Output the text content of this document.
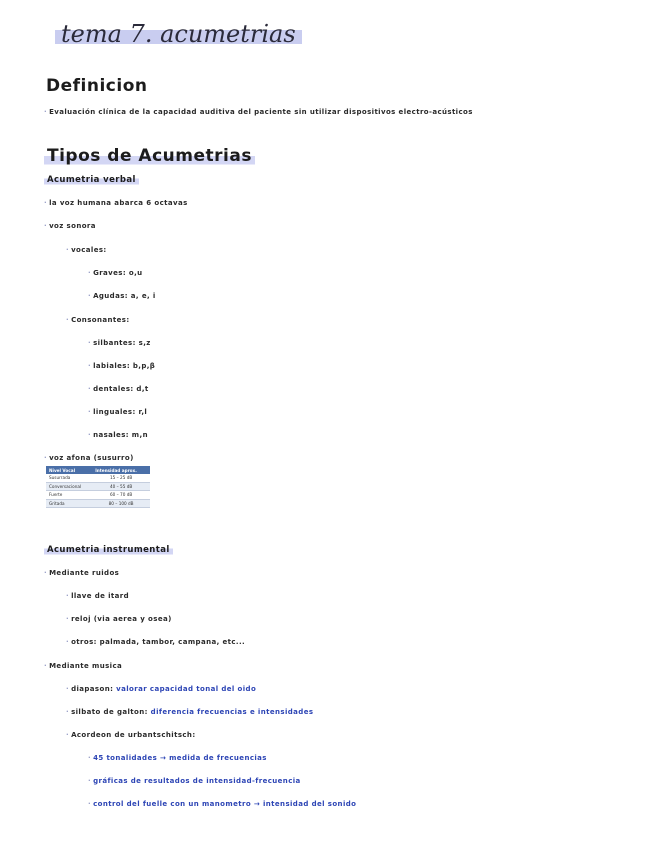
tema 7. acumetrias
Definicion
· Evaluación clínica de la capacidad auditiva del paciente sin utilizar dispositivos electro-acústicos
Tipos de Acumetrias
Acumetria verbal
· la voz humana abarca 6 octavas
· voz sonora
· vocales:
· Graves: o,u
· Agudas: a, e, i
· Consonantes:
· silbantes: s,z
· labiales: b,p,β
· dentales: d,t
· linguales: r,l
· nasales: m,n
· voz afona (susurro)
Nivel Vocal	Intensidad aprox.
Susurrada	15 – 25 dB
Conversacional	40 – 55 dB
Fuerte	60 – 70 dB
Gritada	80 – 100 dB
Acumetria instrumental
· Mediante ruidos
· llave de itard
· reloj (via aerea y osea)
· otros: palmada, tambor, campana, etc...
· Mediante musica
· diapason: valorar capacidad tonal del oido
· silbato de galton: diferencia frecuencias e intensidades
· Acordeon de urbantschitsch:
· 45 tonalidades → medida de frecuencias
· gráficas de resultados de intensidad-frecuencia
· control del fuelle con un manometro → intensidad del sonido
